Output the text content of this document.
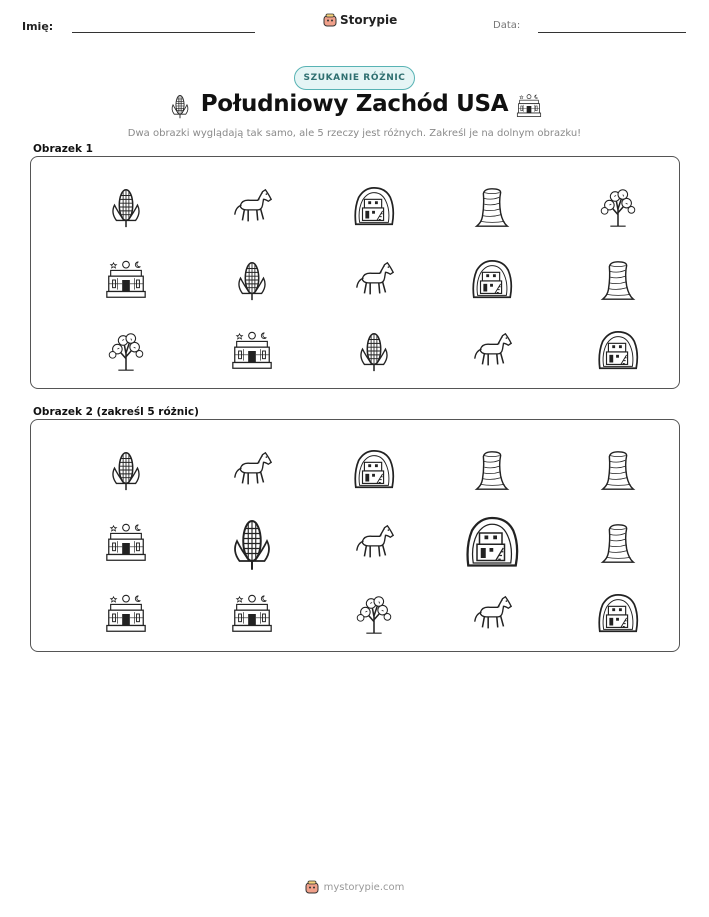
Imię:	Storypie	Data:
SZUKANIE RÓŻNIC
Południowy Zachód USA
Dwa obrazki wyglądają tak samo, ale 5 rzeczy jest różnych. Zakreśl je na dolnym obrazku!
Obrazek 1
Obrazek 2 (zakreśl 5 różnic)
mystorypie.com
